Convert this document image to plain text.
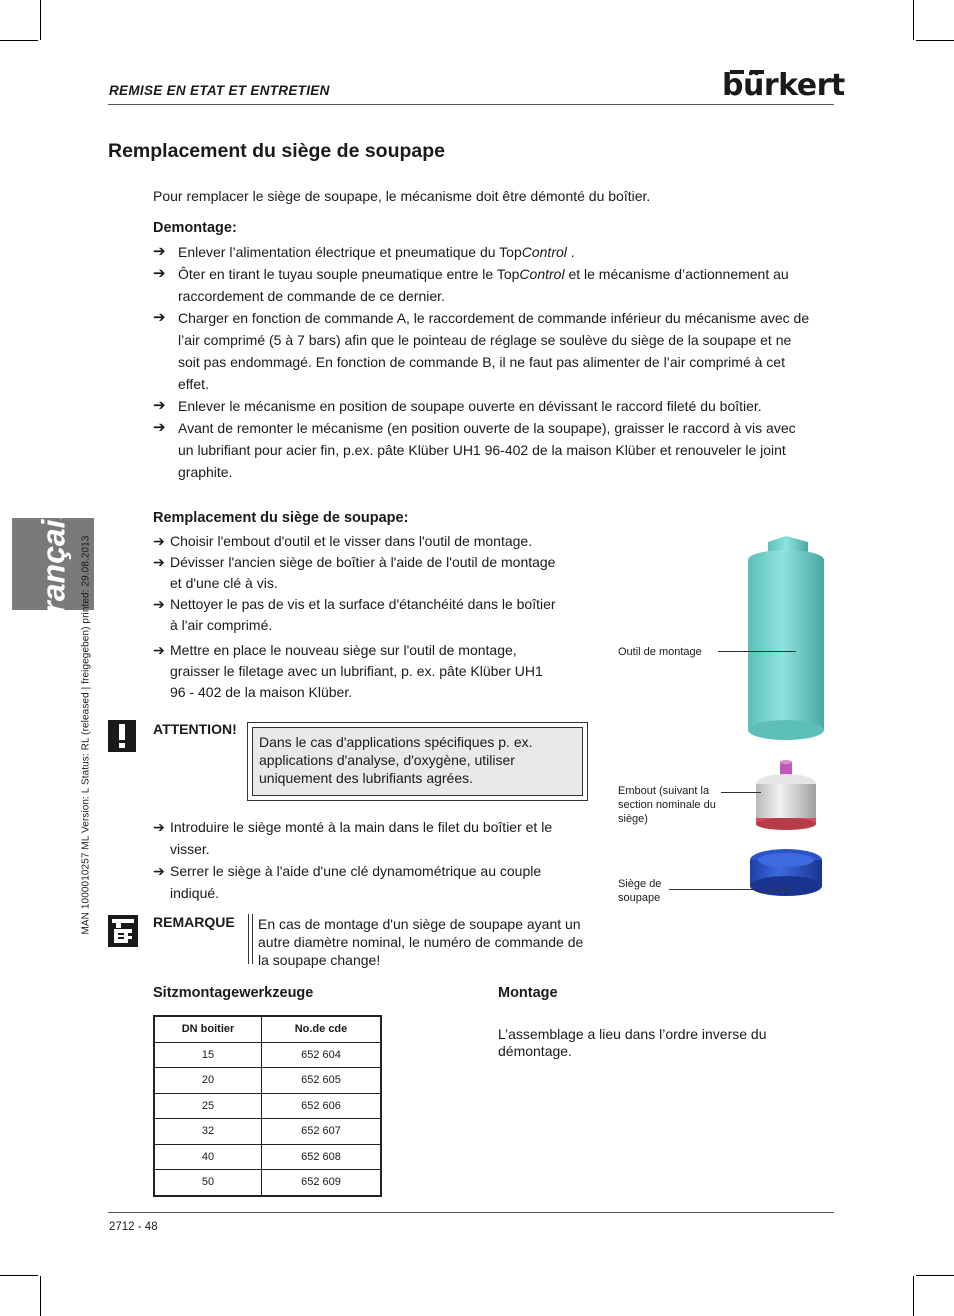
REMISE EN ETAT ET ENTRETIEN	bürkert
Remplacement du siège de soupape
Pour remplacer le siège de soupape, le mécanisme doit être démonté du boîtier.
Demontage:
➔ Enlever l’alimentation électrique et pneumatique du TopControl .
➔ Ôter en tirant le tuyau souple pneumatique entre le TopControl et le mécanisme d’actionnement au
raccordement de commande de ce dernier.
➔ Charger en fonction de commande A, le raccordement de commande inférieur du mécanisme avec de
l’air comprimé (5 à 7 bars) afin que le pointeau de réglage se soulève du siège de la soupape et ne
soit pas endommagé. En fonction de commande B, il ne faut pas alimenter de l’air comprimé à cet
effet.
➔ Enlever le mécanisme en position de soupape ouverte en dévissant le raccord fileté du boîtier.
➔ Avant de remonter le mécanisme (en position ouverte de la soupape), graisser le raccord à vis avec
un lubrifiant pour acier fin, p.ex. pâte Klüber UH1 96-402 de la maison Klüber et renouveler le joint
graphite.
français MAN 1000010257 ML Version: L Status: RL (released | freigegeben) printed: 29.08.2013
Remplacement du siège de soupape:
➔ Choisir l'embout d'outil et le visser dans l'outil de montage.
➔ Dévisser l'ancien siège de boîtier à l'aide de l'outil de montage
et d'une clé à vis.
➔ Nettoyer le pas de vis et la surface d'étanchéité dans le boîtier
à l'air comprimé.
➔ Mettre en place le nouveau siège sur l'outil de montage,
graisser le filetage avec un lubrifiant, p. ex. pâte Klüber UH1
96 - 402 de la maison Klüber.
ATTENTION!
Dans le cas d'applications spécifiques p. ex.
applications d'analyse, d'oxygène, utiliser
uniquement des lubrifiants agrées.
➔ Introduire le siège monté à la main dans le filet du boîtier et le
visser.
➔ Serrer le siège à l'aide d'une clé dynamométrique au couple
indiqué.
REMARQUE En cas de montage d'un siège de soupape ayant un
autre diamètre nominal, le numéro de commande de
la soupape change!
Outil de montage
Embout (suivant la
section nominale du
siège)
Siège de
soupape
Sitzmontagewerkzeuge
DN boitier	No.de cde
15	652 604
20	652 605
25	652 606
32	652 607
40	652 608
50	652 609
Montage
L’assemblage a lieu dans l’ordre inverse du
démontage.
2712 - 48
